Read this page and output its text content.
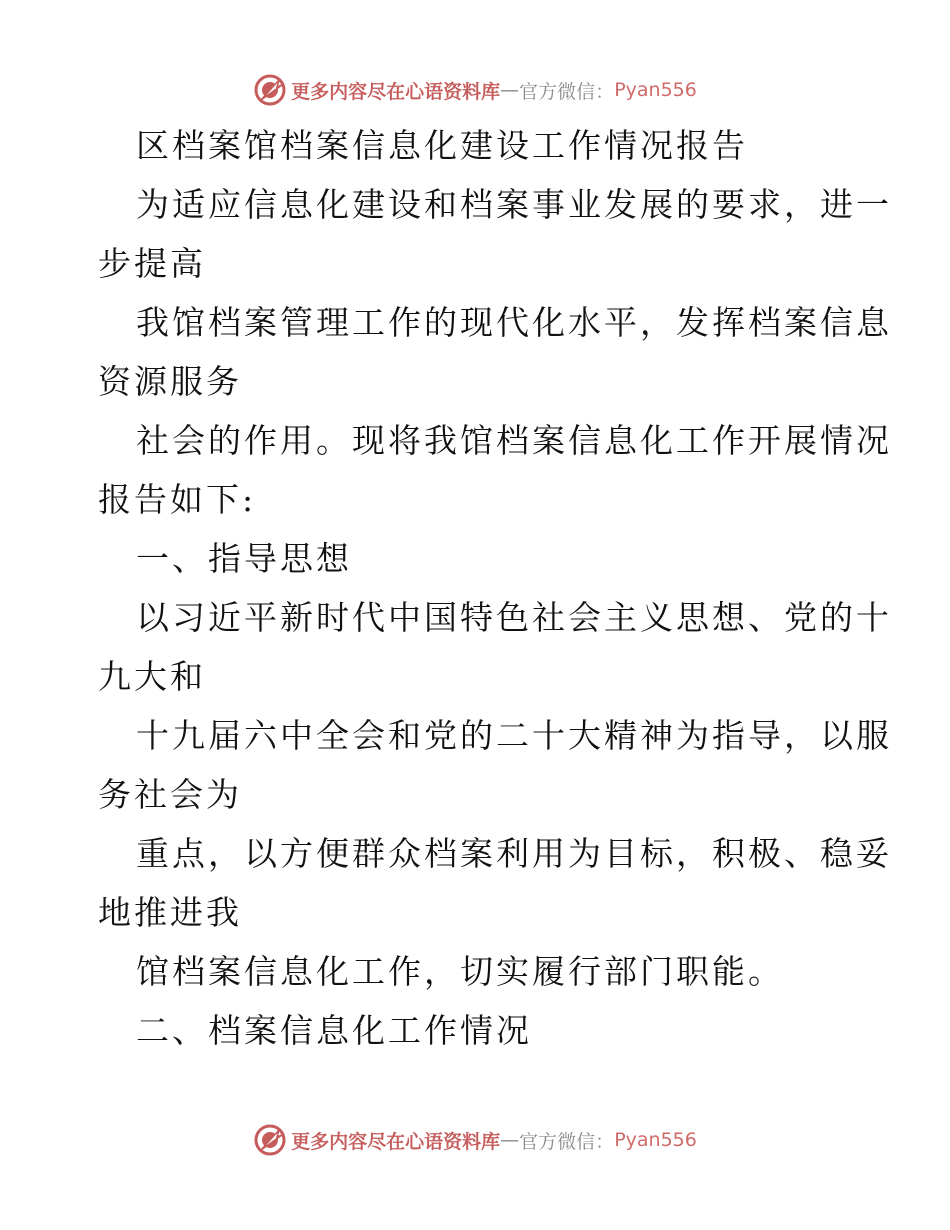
更多内容尽在心语资料库 — 官方微信： Pyan556
区档案馆档案信息化建设工作情况报告
为适应信息化建设和档案事业发展的要求，进一
步提高
我馆档案管理工作的现代化水平，发挥档案信息
资源服务
社会的作用。现将我馆档案信息化工作开展情况
报告如下:
一、指导思想
以习近平新时代中国特色社会主义思想、党的十
九大和
十九届六中全会和党的二十大精神为指导，以服
务社会为
重点，以方便群众档案利用为目标，积极、稳妥
地推进我
馆档案信息化工作，切实履行部门职能。
二、档案信息化工作情况
更多内容尽在心语资料库 — 官方微信： Pyan556
